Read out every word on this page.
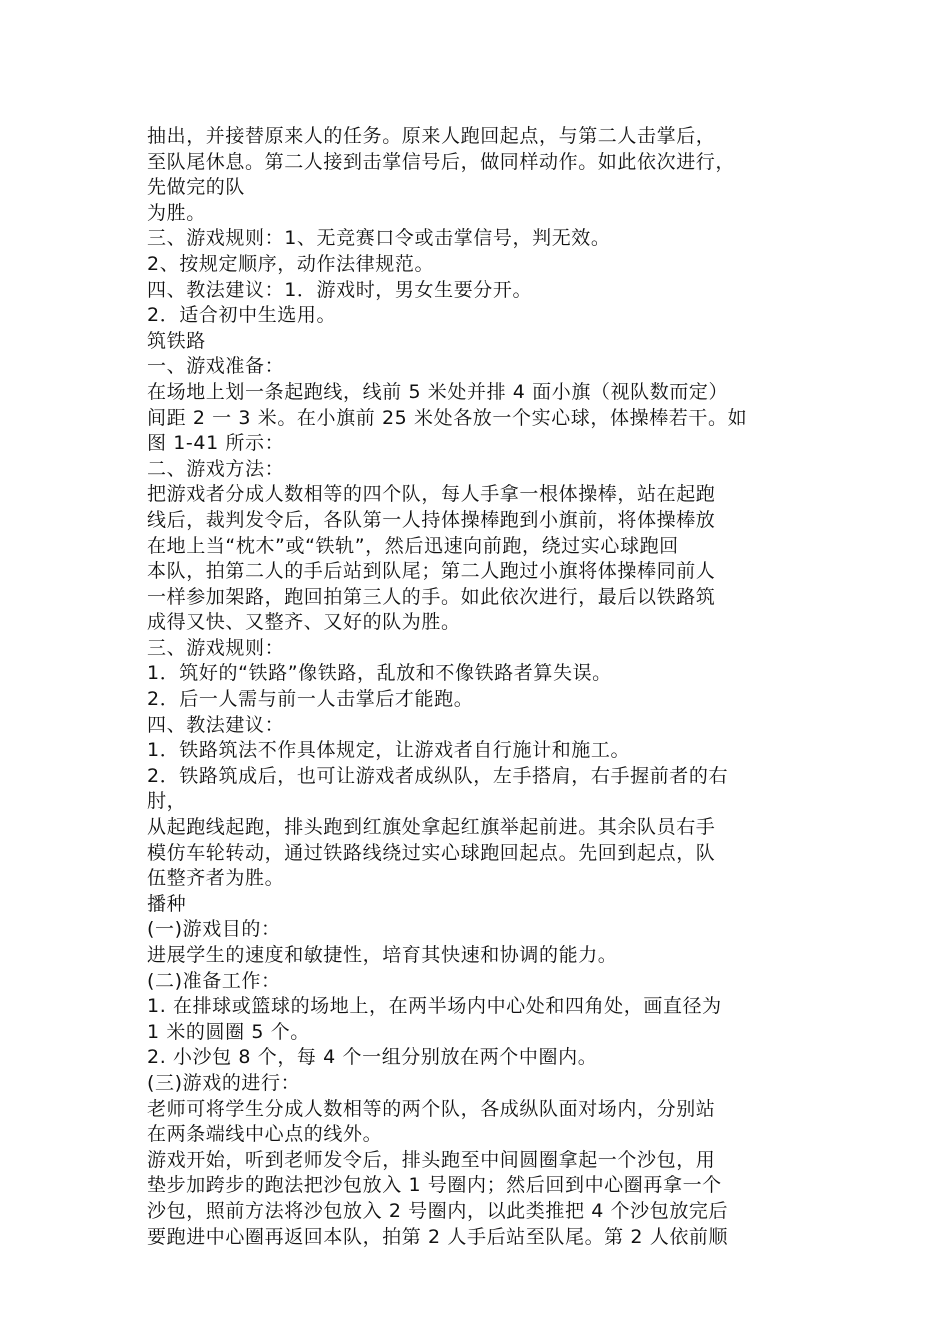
抽出，并接替原来人的任务。原来人跑回起点，与第二人击掌后，

至队尾休息。第二人接到击掌信号后，做同样动作。如此依次进行，

先做完的队

为胜。

三、游戏规则：1、无竞赛口令或击掌信号，判无效。

2、按规定顺序，动作法律规范。

四、教法建议：1．游戏时，男女生要分开。

2．适合初中生选用。

筑铁路

一、游戏准备：

在场地上划一条起跑线，线前 5 米处并排 4 面小旗（视队数而定）

间距 2 一 3 米。在小旗前 25 米处各放一个实心球，体操棒若干。如

图 1-41 所示：

二、游戏方法：

把游戏者分成人数相等的四个队，每人手拿一根体操棒，站在起跑

线后，裁判发令后，各队第一人持体操棒跑到小旗前，将体操棒放

在地上当“枕木”或“铁轨”，然后迅速向前跑，绕过实心球跑回

本队，拍第二人的手后站到队尾；第二人跑过小旗将体操棒同前人

一样参加架路，跑回拍第三人的手。如此依次进行，最后以铁路筑

成得又快、又整齐、又好的队为胜。

三、游戏规则：

1．筑好的“铁路”像铁路，乱放和不像铁路者算失误。

2．后一人需与前一人击掌后才能跑。

四、教法建议：

1．铁路筑法不作具体规定，让游戏者自行施计和施工。

2．铁路筑成后，也可让游戏者成纵队，左手搭肩，右手握前者的右

肘，

从起跑线起跑，排头跑到红旗处拿起红旗举起前进。其余队员右手

模仿车轮转动，通过铁路线绕过实心球跑回起点。先回到起点，队

伍整齐者为胜。

播种

(一)游戏目的：

进展学生的速度和敏捷性，培育其快速和协调的能力。

(二)准备工作：

1. 在排球或篮球的场地上，在两半场内中心处和四角处，画直径为

1 米的圆圈 5 个。

2. 小沙包 8 个，每 4 个一组分别放在两个中圈内。

(三)游戏的进行：

老师可将学生分成人数相等的两个队，各成纵队面对场内，分别站

在两条端线中心点的线外。

游戏开始，听到老师发令后，排头跑至中间圆圈拿起一个沙包，用

垫步加跨步的跑法把沙包放入 1 号圈内；然后回到中心圈再拿一个

沙包，照前方法将沙包放入 2 号圈内，以此类推把 4 个沙包放完后

要跑进中心圈再返回本队，拍第 2 人手后站至队尾。第 2 人依前顺
